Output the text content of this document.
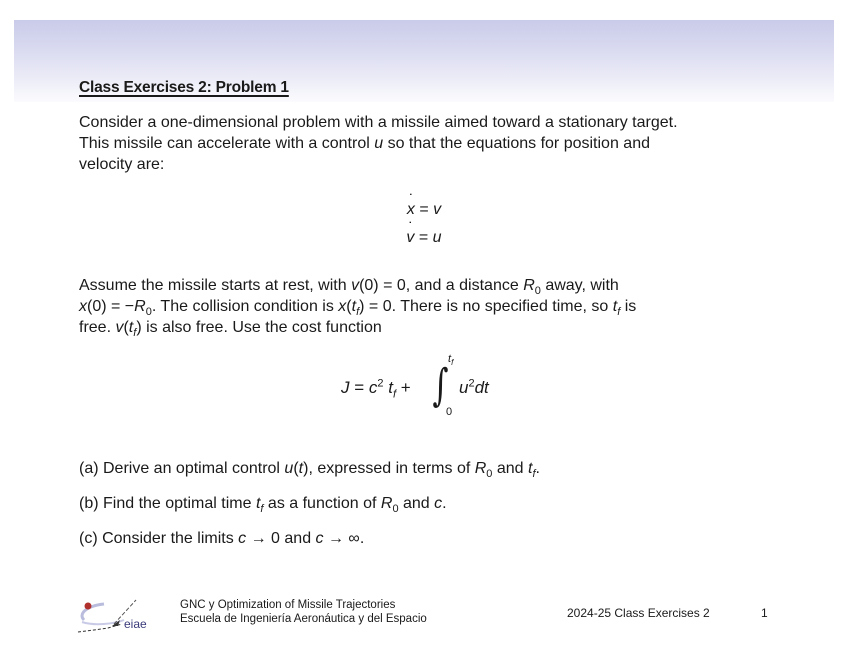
Class Exercises 2: Problem 1
Consider a one-dimensional problem with a missile aimed toward a stationary target.
This missile can accelerate with a control u so that the equations for position and
velocity are:
˙ x = v
˙ v = u
Assume the missile starts at rest, with v(0) = 0, and a distance $R_0$ away, with
$x(0) = -R_0$. The collision condition is $x(t_f) = 0$. There is no specified time, so $t_f$ is
free. $v(t_f)$ is also free. Use the cost function
$J = c^2$ $t_f$ + ∫
$t_f$
0
$u^2dt$
(a) Derive an optimal control u(t), expressed in terms of $R_0$ and $t_f$.
(b) Find the optimal time $t_f$ as a function of $R_0$ and c.
(c) Consider the limits c → 0 and c → ∞.
eiae
GNC y Optimization of Missile Trajectories
Escuela de Ingeniería Aeronáutica y del Espacio	2024-25 Class Exercises 2	1
